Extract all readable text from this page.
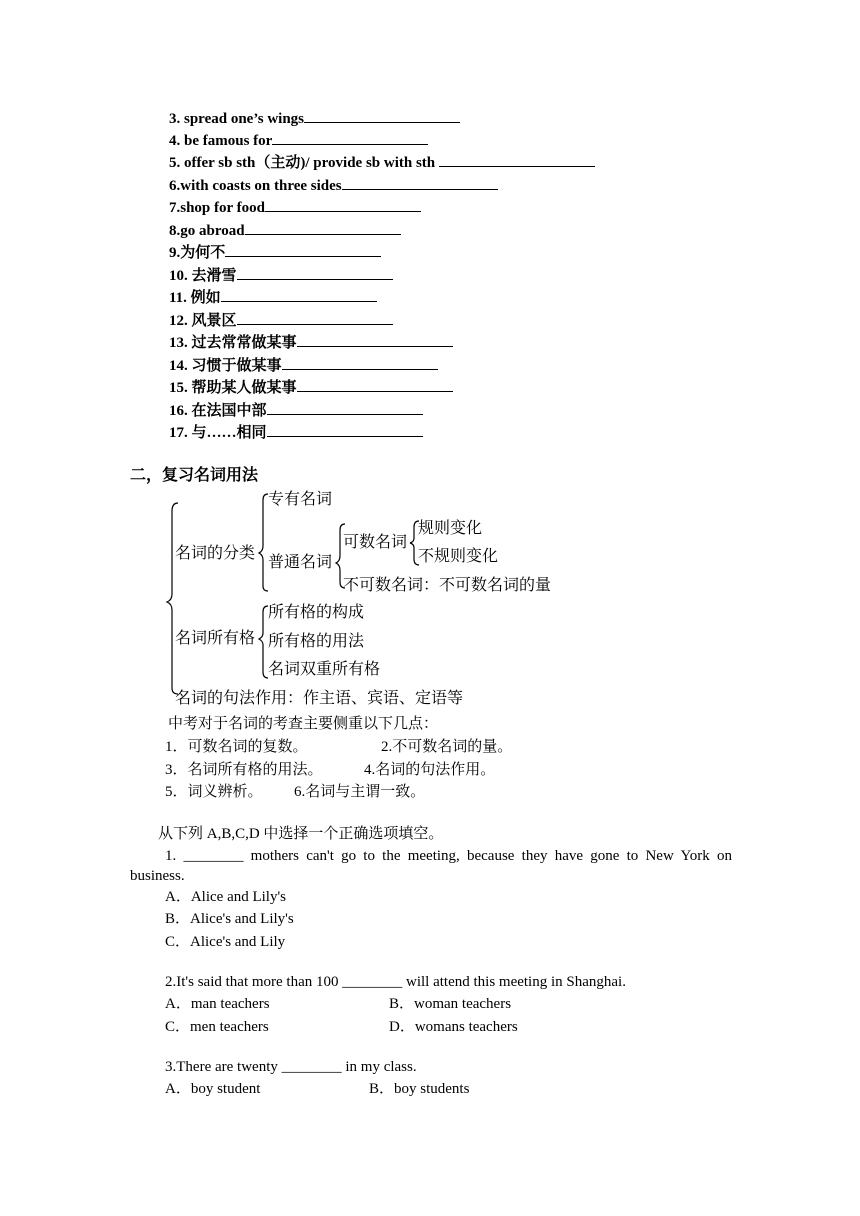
3. spread one’s wings
4. be famous for
5. offer sb sth（主动)/ provide sb with sth
6.with coasts on three sides
7.shop for food
8.go abroad
9.为何不
10. 去滑雪
11. 例如
12. 风景区
13. 过去常常做某事
14. 习惯于做某事
15. 帮助某人做某事
16. 在法国中部
17. 与……相同
二，复习名词用法
名词的分类
专有名词
普通名词
可数名词
规则变化
不规则变化
不可数名词：不可数名词的量
名词所有格
所有格的构成
所有格的用法
名词双重所有格
名词的句法作用：作主语、宾语、定语等
中考对于名词的考查主要侧重以下几点：
1．可数名词的复数。	2.不可数名词的量。
3．名词所有格的用法。	4.名词的句法作用。
5．词义辨析。 6.名词与主谓一致。
从下列 A,B,C,D 中选择一个正确选项填空。
1. ________ mothers can't go to the meeting, because they have gone to New York on business.
A．Alice and Lily's
B．Alice's and Lily's
C．Alice's and Lily
2.It's said that more than 100 ________ will attend this meeting in Shanghai.
A．man teachers	B．woman teachers
C．men teachers	D．womans teachers
3.There are twenty ________ in my class.
A．boy student	B．boy students
